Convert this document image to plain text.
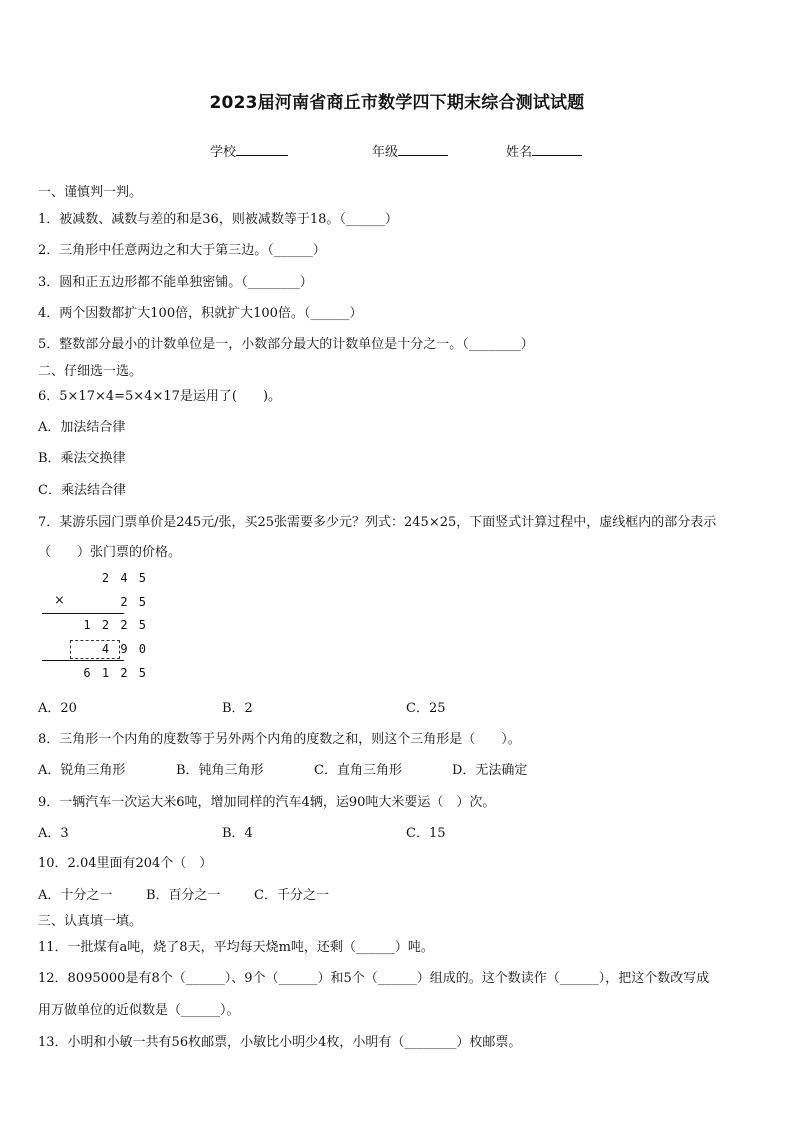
2023届河南省商丘市数学四下期末综合测试试题
学校	年级	姓名
一、谨慎判一判。
1．被减数、减数与差的和是36，则被减数等于18。（______）
2．三角形中任意两边之和大于第三边。（______）
3．圆和正五边形都不能单独密铺。（________）
4．两个因数都扩大100倍，积就扩大100倍。（______）
5．整数部分最小的计数单位是一，小数部分最大的计数单位是十分之一。（________）
二、仔细选一选。
6．5×17×4=5×4×17是运用了(　　)。
A．加法结合律
B．乘法交换律
C．乘法结合律
7．某游乐园门票单价是245元/张，买25张需要多少元？列式：245×25，下面竖式计算过程中，虚线框内的部分表示
（　　）张门票的价格。
2 4 5
×	2 5
1 2 2 5
4 9 0
6 1 2 5
A．20	B．2	C．25
8．三角形一个内角的度数等于另外两个内角的度数之和，则这个三角形是（　　）。
A．锐角三角形	B．钝角三角形	C．直角三角形	D．无法确定
9．一辆汽车一次运大米6吨，增加同样的汽车4辆，运90吨大米要运（　）次。
A．3	B．4	C．15
10．2.04里面有204个（　）
A．十分之一	B．百分之一	C．千分之一
三、认真填一填。
11．一批煤有a吨，烧了8天，平均每天烧m吨，还剩（______）吨。
12．8095000是有8个（______）、9个（______）和5个（______）组成的。这个数读作（______），把这个数改写成
用万做单位的近似数是（______）。
13．小明和小敏一共有56枚邮票，小敏比小明少4枚，小明有（________）枚邮票。
